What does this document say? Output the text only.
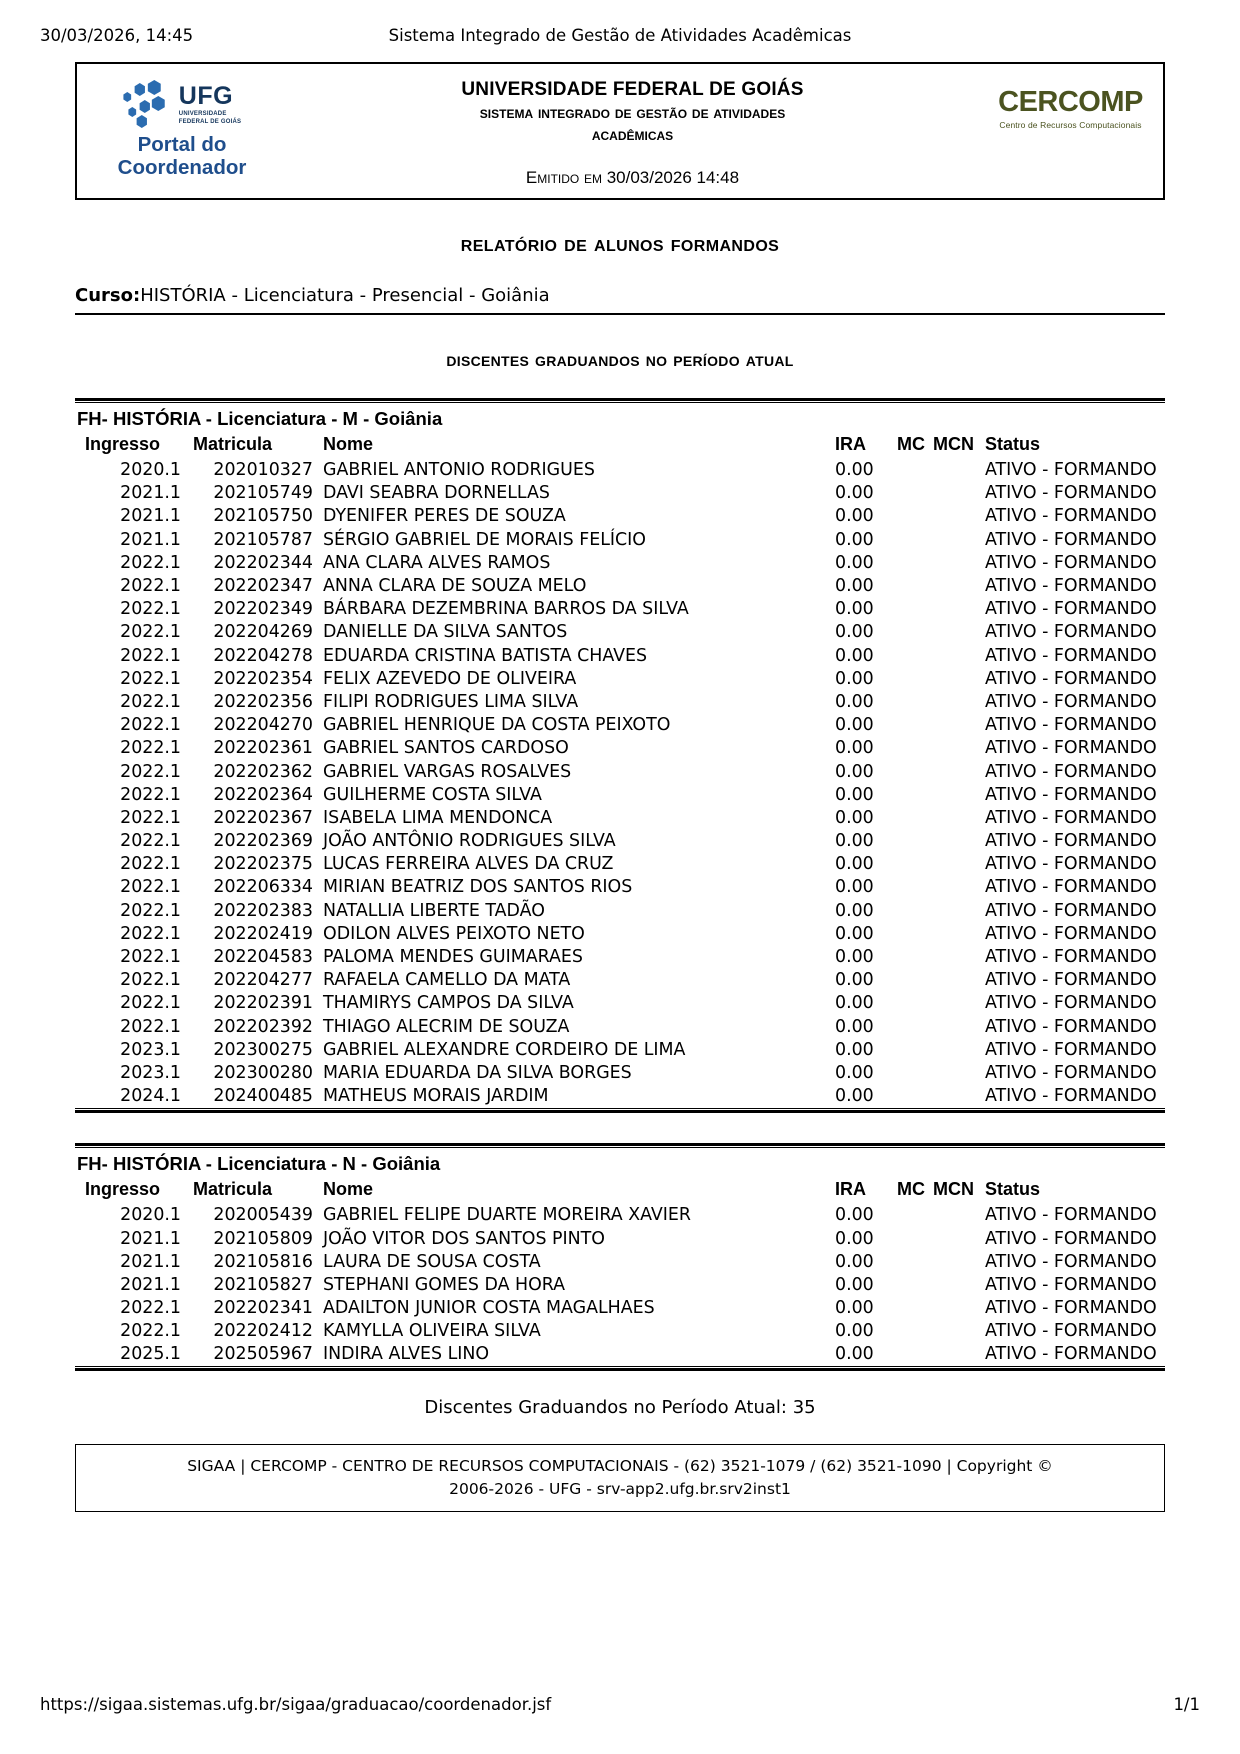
30/03/2026, 14:45	Sistema Integrado de Gestão de Atividades Acadêmicas
UFG
UNIVERSIDADE
FEDERAL DE GOIÁS
Portal do
Coordenador
UNIVERSIDADE FEDERAL DE GOIÁS
sistema integrado de gestão de atividades
acadêmicas
Emitido em 30/03/2026 14:48
CERCOMP
Centro de Recursos Computacionais
relatório de alunos formandos
Curso:HISTÓRIA - Licenciatura - Presencial - Goiânia
discentes graduandos no período atual
FH- HISTÓRIA - Licenciatura - M - Goiânia
Ingresso	Matricula	Nome	IRA	MC	MCN	Status
2020.1	202010327	GABRIEL ANTONIO RODRIGUES	0.00			ATIVO - FORMANDO
2021.1	202105749	DAVI SEABRA DORNELLAS	0.00			ATIVO - FORMANDO
2021.1	202105750	DYENIFER PERES DE SOUZA	0.00			ATIVO - FORMANDO
2021.1	202105787	SÉRGIO GABRIEL DE MORAIS FELÍCIO	0.00			ATIVO - FORMANDO
2022.1	202202344	ANA CLARA ALVES RAMOS	0.00			ATIVO - FORMANDO
2022.1	202202347	ANNA CLARA DE SOUZA MELO	0.00			ATIVO - FORMANDO
2022.1	202202349	BÁRBARA DEZEMBRINA BARROS DA SILVA	0.00			ATIVO - FORMANDO
2022.1	202204269	DANIELLE DA SILVA SANTOS	0.00			ATIVO - FORMANDO
2022.1	202204278	EDUARDA CRISTINA BATISTA CHAVES	0.00			ATIVO - FORMANDO
2022.1	202202354	FELIX AZEVEDO DE OLIVEIRA	0.00			ATIVO - FORMANDO
2022.1	202202356	FILIPI RODRIGUES LIMA SILVA	0.00			ATIVO - FORMANDO
2022.1	202204270	GABRIEL HENRIQUE DA COSTA PEIXOTO	0.00			ATIVO - FORMANDO
2022.1	202202361	GABRIEL SANTOS CARDOSO	0.00			ATIVO - FORMANDO
2022.1	202202362	GABRIEL VARGAS ROSALVES	0.00			ATIVO - FORMANDO
2022.1	202202364	GUILHERME COSTA SILVA	0.00			ATIVO - FORMANDO
2022.1	202202367	ISABELA LIMA MENDONCA	0.00			ATIVO - FORMANDO
2022.1	202202369	JOÃO ANTÔNIO RODRIGUES SILVA	0.00			ATIVO - FORMANDO
2022.1	202202375	LUCAS FERREIRA ALVES DA CRUZ	0.00			ATIVO - FORMANDO
2022.1	202206334	MIRIAN BEATRIZ DOS SANTOS RIOS	0.00			ATIVO - FORMANDO
2022.1	202202383	NATALLIA LIBERTE TADÃO	0.00			ATIVO - FORMANDO
2022.1	202202419	ODILON ALVES PEIXOTO NETO	0.00			ATIVO - FORMANDO
2022.1	202204583	PALOMA MENDES GUIMARAES	0.00			ATIVO - FORMANDO
2022.1	202204277	RAFAELA CAMELLO DA MATA	0.00			ATIVO - FORMANDO
2022.1	202202391	THAMIRYS CAMPOS DA SILVA	0.00			ATIVO - FORMANDO
2022.1	202202392	THIAGO ALECRIM DE SOUZA	0.00			ATIVO - FORMANDO
2023.1	202300275	GABRIEL ALEXANDRE CORDEIRO DE LIMA	0.00			ATIVO - FORMANDO
2023.1	202300280	MARIA EDUARDA DA SILVA BORGES	0.00			ATIVO - FORMANDO
2024.1	202400485	MATHEUS MORAIS JARDIM	0.00			ATIVO - FORMANDO
FH- HISTÓRIA - Licenciatura - N - Goiânia
Ingresso	Matricula	Nome	IRA	MC	MCN	Status
2020.1	202005439	GABRIEL FELIPE DUARTE MOREIRA XAVIER	0.00			ATIVO - FORMANDO
2021.1	202105809	JOÃO VITOR DOS SANTOS PINTO	0.00			ATIVO - FORMANDO
2021.1	202105816	LAURA DE SOUSA COSTA	0.00			ATIVO - FORMANDO
2021.1	202105827	STEPHANI GOMES DA HORA	0.00			ATIVO - FORMANDO
2022.1	202202341	ADAILTON JUNIOR COSTA MAGALHAES	0.00			ATIVO - FORMANDO
2022.1	202202412	KAMYLLA OLIVEIRA SILVA	0.00			ATIVO - FORMANDO
2025.1	202505967	INDIRA ALVES LINO	0.00			ATIVO - FORMANDO
Discentes Graduandos no Período Atual: 35
SIGAA | CERCOMP - CENTRO DE RECURSOS COMPUTACIONAIS - (62) 3521-1079 / (62) 3521-1090 | Copyright ©
2006-2026 - UFG - srv-app2.ufg.br.srv2inst1
https://sigaa.sistemas.ufg.br/sigaa/graduacao/coordenador.jsf	1/1
